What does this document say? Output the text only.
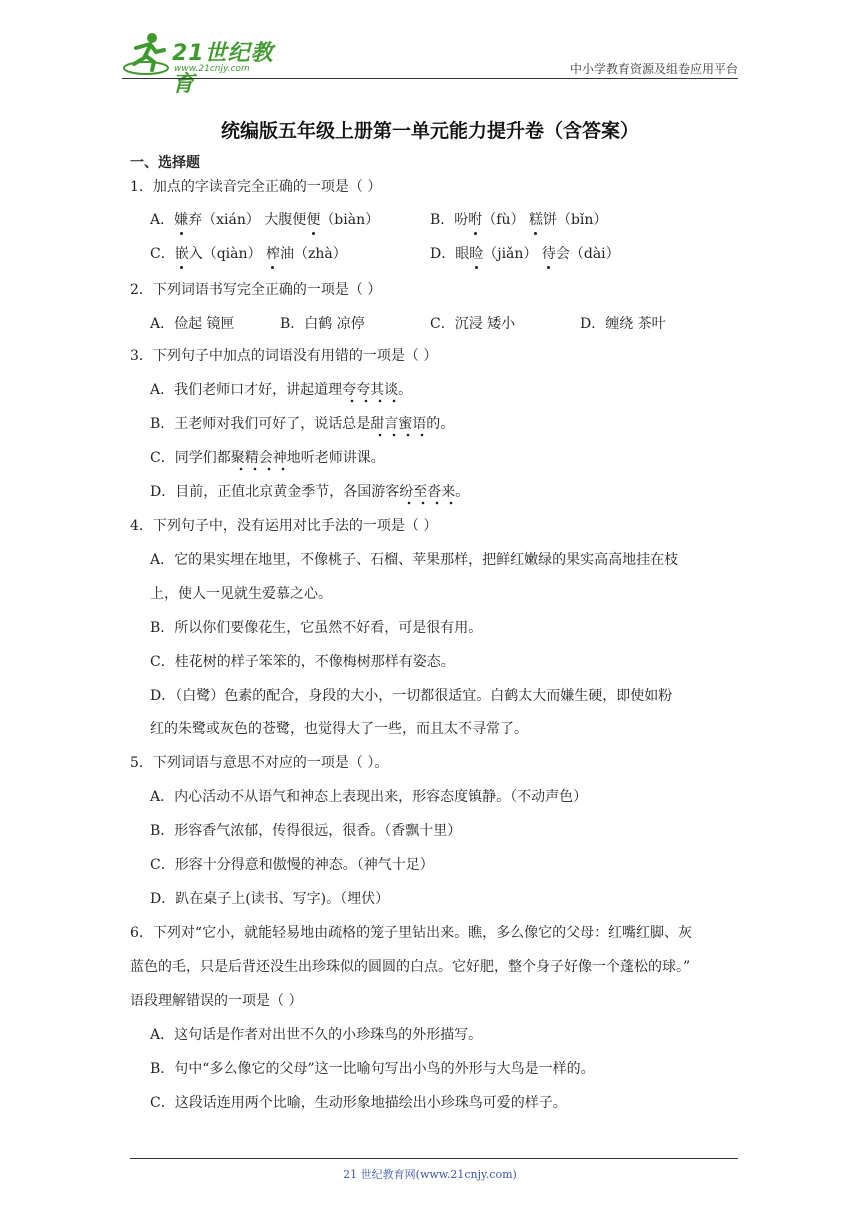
21世纪教育
www.21cnjy.com	中小学教育资源及组卷应用平台
统编版五年级上册第一单元能力提升卷（含答案）
一、选择题
1．加点的字读音完全正确的一项是（ ）
A．嫌弃（xián） 大腹便便（biàn）	B．吩咐（fù） 糕饼（bǐn）
C．嵌入（qiàn） 榨油（zhà）	D．眼睑（jiǎn） 待会（dài）
2．下列词语书写完全正确的一项是（ ）
A．俭起 镜匣	B．白鹤 凉停	C．沉浸 矮小	D．缠绕 茶叶
3．下列句子中加点的词语没有用错的一项是（ ）
A．我们老师口才好，讲起道理夸夸其谈。
B．王老师对我们可好了，说话总是甜言蜜语的。
C．同学们都聚精会神地听老师讲课。
D．目前，正值北京黄金季节，各国游客纷至沓来。
4．下列句子中，没有运用对比手法的一项是（ ）
A．它的果实埋在地里，不像桃子、石榴、苹果那样，把鲜红嫩绿的果实高高地挂在枝
上，使人一见就生爱慕之心。
B．所以你们要像花生，它虽然不好看，可是很有用。
C．桂花树的样子笨笨的，不像梅树那样有姿态。
D．（白鹭）色素的配合，身段的大小，一切都很适宜。白鹤太大而嫌生硬，即使如粉
红的朱鹭或灰色的苍鹭，也觉得大了一些，而且太不寻常了。
5．下列词语与意思不对应的一项是（ ）。
A．内心活动不从语气和神态上表现出来，形容态度镇静。（不动声色）
B．形容香气浓郁，传得很远，很香。（香飘十里）
C．形容十分得意和傲慢的神态。（神气十足）
D．趴在桌子上(读书、写字)。（埋伏）
6．下列对“它小，就能轻易地由疏格的笼子里钻出来。瞧，多么像它的父母：红嘴红脚、灰
蓝色的毛，只是后背还没生出珍珠似的圆圆的白点。它好肥，整个身子好像一个蓬松的球。”
语段理解错误的一项是（ ）
A．这句话是作者对出世不久的小珍珠鸟的外形描写。
B．句中“多么像它的父母”这一比喻句写出小鸟的外形与大鸟是一样的。
C．这段话连用两个比喻，生动形象地描绘出小珍珠鸟可爱的样子。
21 世纪教育网(www.21cnjy.com)
